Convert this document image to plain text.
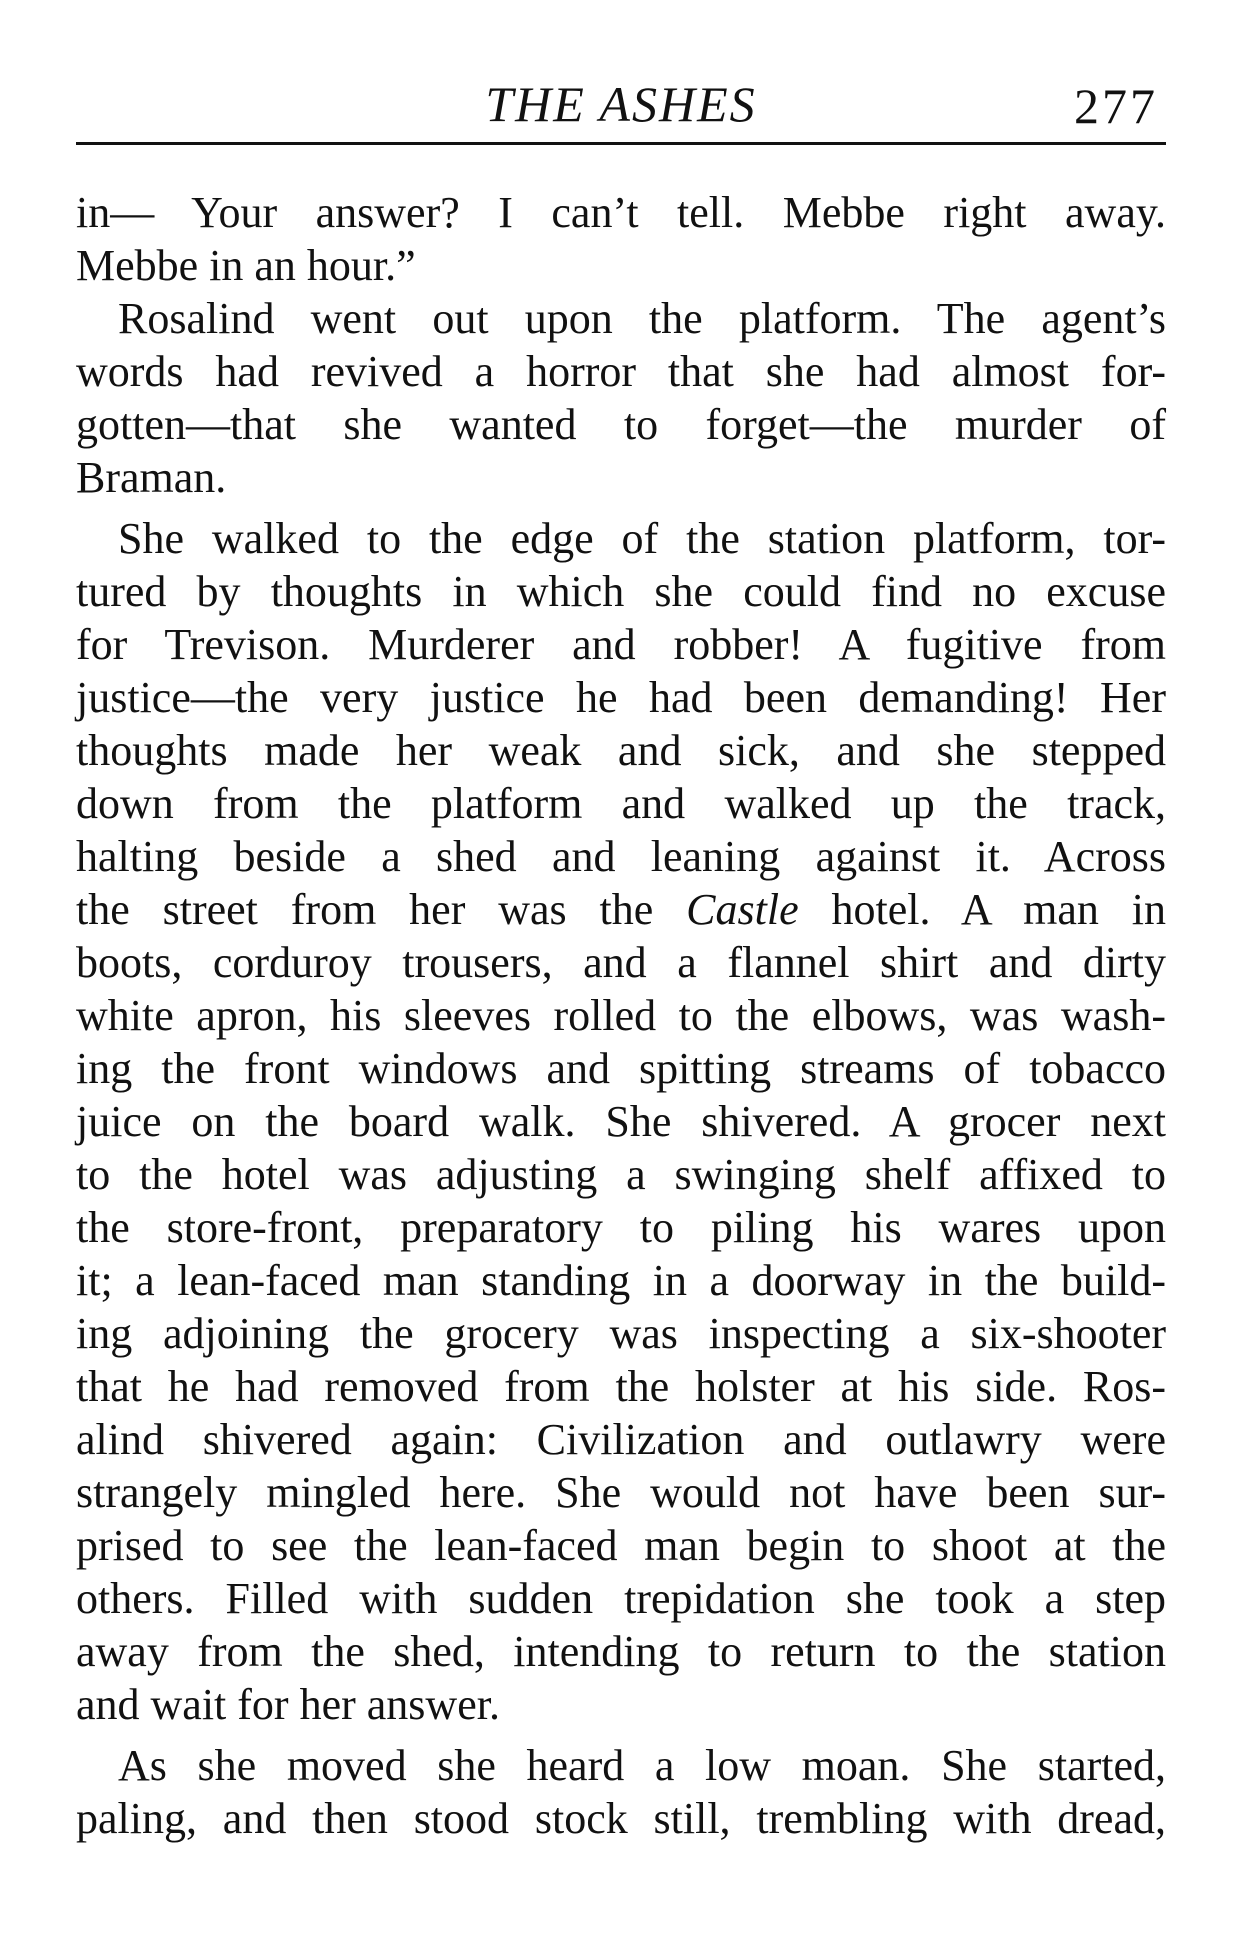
THE ASHES	277
in— Your answer? I can’t tell. Mebbe right away.
Mebbe in an hour.”
Rosalind went out upon the platform. The agent’s
words had revived a horror that she had almost for-
gotten—that she wanted to forget—the murder of
Braman.
She walked to the edge of the station platform, tor-
tured by thoughts in which she could find no excuse
for Trevison. Murderer and robber! A fugitive from
justice—the very justice he had been demanding! Her
thoughts made her weak and sick, and she stepped
down from the platform and walked up the track,
halting beside a shed and leaning against it. Across
the street from her was the Castle hotel. A man in
boots, corduroy trousers, and a flannel shirt and dirty
white apron, his sleeves rolled to the elbows, was wash-
ing the front windows and spitting streams of tobacco
juice on the board walk. She shivered. A grocer next
to the hotel was adjusting a swinging shelf affixed to
the store-front, preparatory to piling his wares upon
it; a lean-faced man standing in a doorway in the build-
ing adjoining the grocery was inspecting a six-shooter
that he had removed from the holster at his side. Ros-
alind shivered again: Civilization and outlawry were
strangely mingled here. She would not have been sur-
prised to see the lean-faced man begin to shoot at the
others. Filled with sudden trepidation she took a step
away from the shed, intending to return to the station
and wait for her answer.
As she moved she heard a low moan. She started,
paling, and then stood stock still, trembling with dread,
